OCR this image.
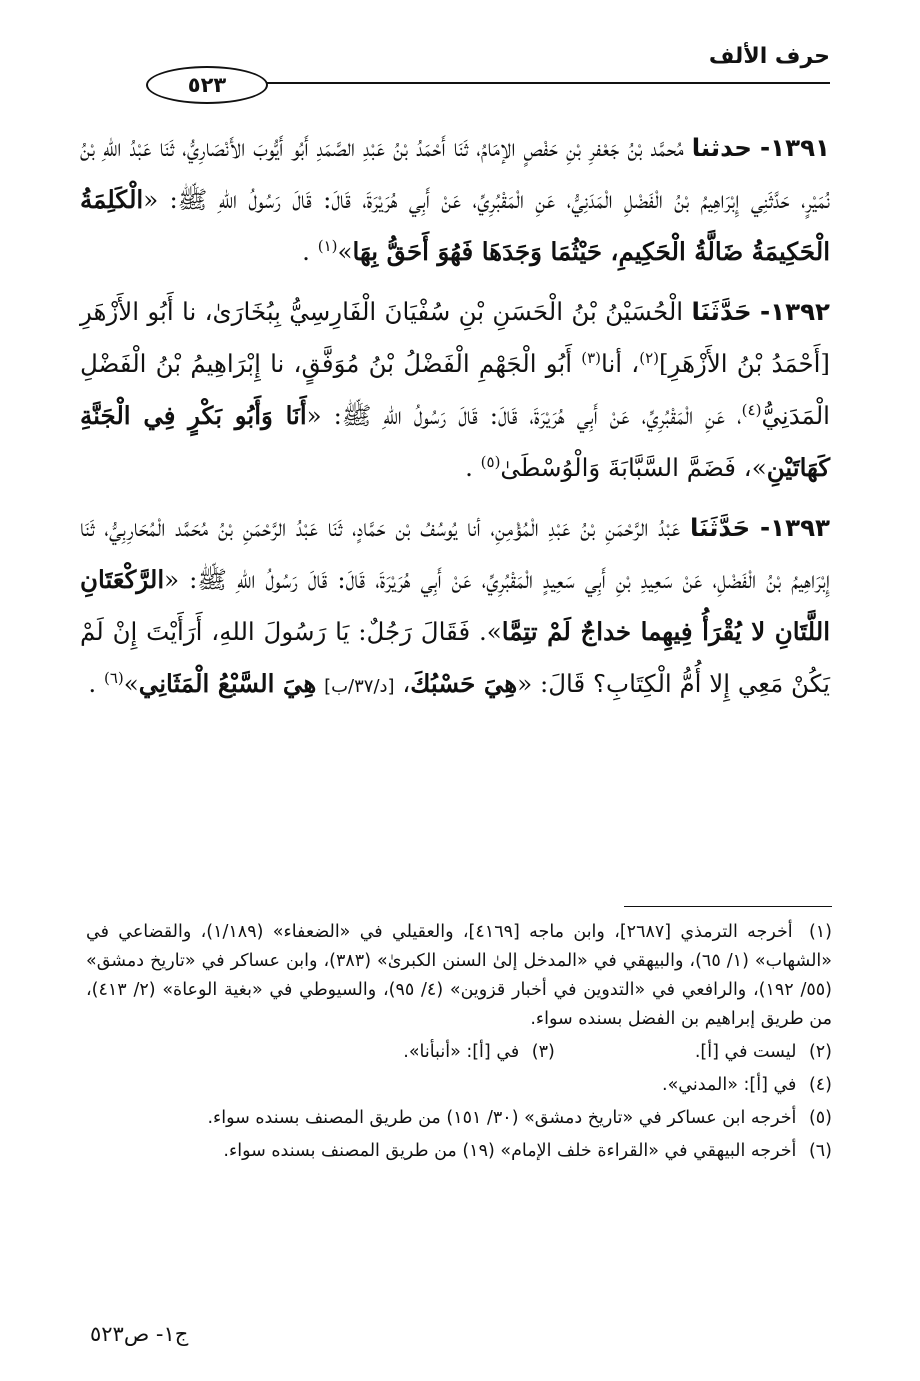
حرف الألف
٥٢٣

١٣٩١- حدثنا مُحمَّد بْنُ جَعْفرِ بْنِ حَفْصٍ الإمَامُ، ثَنَا أَحْمَدُ بْنُ عَبْدِ الصَّمَدِ أَبُو أَيُّوبَ الأَنْصَارِيُّ، ثَنَا عَبْدُ اللهِ بْنُ نُمَيْرٍ، حَدَّثَنِي إِبْرَاهِيمُ بْنُ الْفَضْلِ الْمَدَنِيُّ، عَنِ الْمَقْبُرِيِّ، عَنْ أَبِي هُرَيْرَةَ، قَالَ: قَالَ رَسُولُ اللهِ ﷺ: «الْكَلِمَةُ الْحَكِيمَةُ ضَالَّةُ الْحَكِيمِ، حَيْثُمَا وَجَدَهَا فَهُوَ أَحَقُّ بِهَا»$^{(١)}$ .

١٣٩٢- حَدَّثَنَا الْحُسَيْنُ بْنُ الْحَسَنِ بْنِ سُفْيَانَ الْفَارِسِيُّ بِبُخَارَىٰ، نا أَبُو الأَزْهَرِ [أَحْمَدُ بْنُ الأَزْهَرِ]$^{(٢)}$، أنا$^{(٣)}$ أَبُو الْجَهْمِ الْفَضْلُ بْنُ مُوَفَّقٍ، نا إِبْرَاهِيمُ بْنُ الْفَضْلِ الْمَدَنِيُّ$^{(٤)}$، عَنِ الْمَقْبُرِيِّ، عَنْ أَبِي هُرَيْرَةَ، قَالَ: قَالَ رَسُولُ اللهِ ﷺ: «أَنَا وَأَبُو بَكْرٍ فِي الْجَنَّةِ كَهَاتَيْنِ»، فَضَمَّ السَّبَّابَةَ وَالْوُسْطَىٰ$^{(٥)}$ .

١٣٩٣- حَدَّثَنَا عَبْدُ الرَّحْمَنِ بْنُ عَبْدِ الْمُؤْمِنِ، أنا يُوسُفُ بْن حَمَّادٍ، ثَنَا عَبْدُ الرَّحْمَنِ بْنُ مُحَمَّد الْمُحَارِبِيُّ، ثَنَا إِبْرَاهِيمُ بْنُ الْفَضْلِ، عَنْ سَعِيدِ بْنِ أَبِي سَعِيدٍ الْمَقْبُرِيِّ، عَنْ أَبِي هُرَيْرَةَ، قَالَ: قَالَ رَسُولُ اللهِ ﷺ: «الرَّكْعَتَانِ اللَّتَانِ لا يُقْرَأُ فِيهِما خداجٌ لَمْ تتِمَّا». فَقَالَ رَجُلٌ: يَا رَسُولَ اللهِ، أَرَأَيْتَ إِنْ لَمْ يَكُنْ مَعِي إِلا أُمُّ الْكِتَابِ؟ قَالَ: «هِيَ حَسْبُكَ، [د/٣٧/ب] هِيَ السَّبْعُ الْمَثَانِي»$^{(٦)}$ .

(١) أخرجه الترمذي [٢٦٨٧]، وابن ماجه [٤١٦٩]، والعقيلي في «الضعفاء» (١/١٨٩)، والقضاعي في «الشهاب» (١/ ٦٥)، والبيهقي في «المدخل إلىٰ السنن الكبرىٰ» (٣٨٣)، وابن عساكر في «تاريخ دمشق» (٥٥/ ١٩٢)، والرافعي في «التدوين في أخبار قزوين» (٤/ ٩٥)، والسيوطي في «بغية الوعاة» (٢/ ٤١٣)، من طريق إبراهيم بن الفضل بسنده سواء.

(٢) ليست في [أ].

(٣) في [أ]: «أنبأنا».

(٤) في [أ]: «المدني».

(٥) أخرجه ابن عساكر في «تاريخ دمشق» (٣٠/ ١٥١) من طريق المصنف بسنده سواء.

(٦) أخرجه البيهقي في «القراءة خلف الإمام» (١٩) من طريق المصنف بسنده سواء.

ج١- ص٥٢٣
